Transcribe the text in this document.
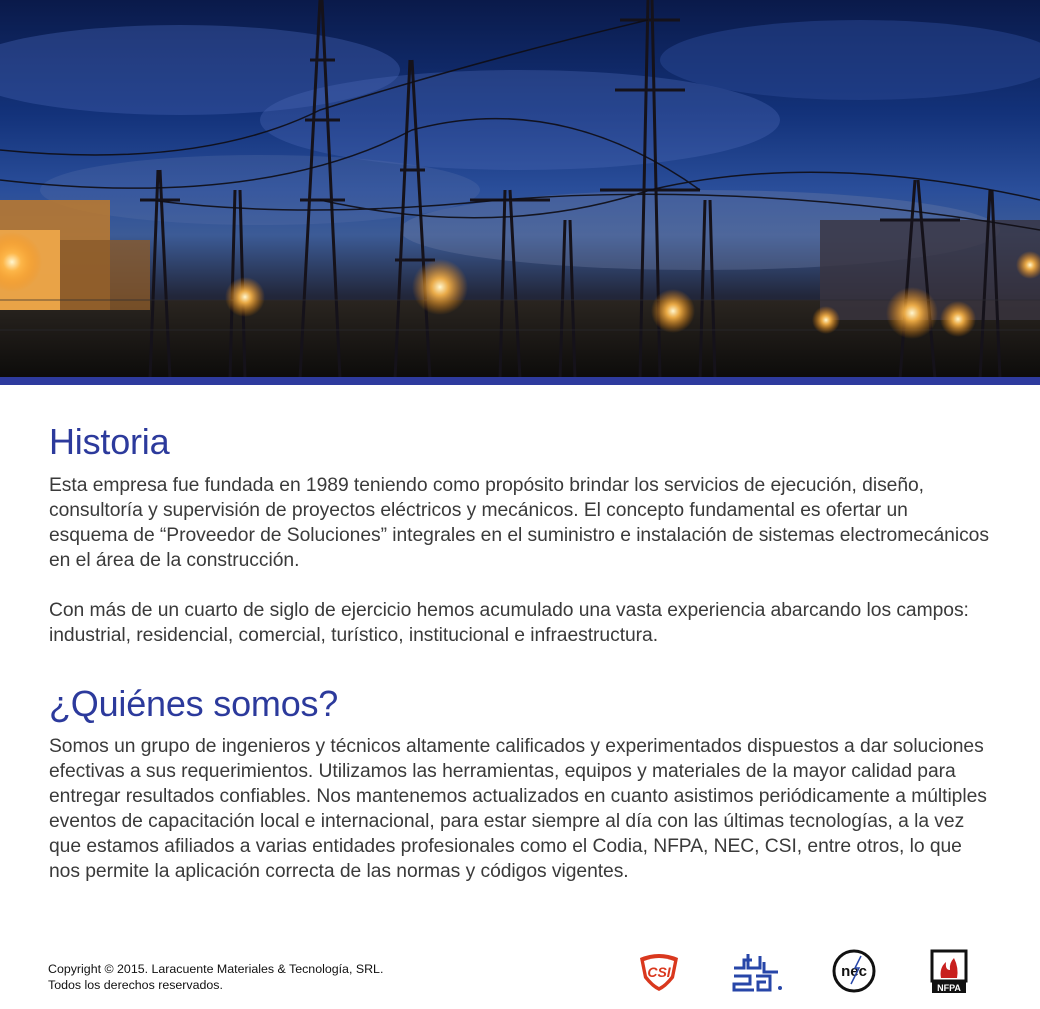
Historia

Esta empresa fue fundada en 1989 teniendo como propósito brindar los servicios de ejecución, diseño, consultoría y supervisión de proyectos eléctricos y mecánicos. El concepto fundamental es ofertar un esquema de “Proveedor de Soluciones” integrales en el suministro e instalación de sistemas electromecánicos en el área de la construcción.

Con más de un cuarto de siglo de ejercicio hemos acumulado una vasta experiencia abarcando los campos: industrial, residencial, comercial, turístico, institucional e infraestructura.

¿Quiénes somos?

Somos un grupo de ingenieros y técnicos altamente calificados y experimentados dispuestos a dar soluciones efectivas a sus requerimientos. Utilizamos las herramientas, equipos y materiales de la mayor calidad para entregar resultados confiables. Nos mantenemos actualizados en cuanto asistimos periódicamente a múltiples eventos de capacitación local e internacional, para estar siempre al día con las últimas tecnologías, a la vez que estamos afiliados a varias entidades profesionales como el Codia, NFPA, NEC, CSI, entre otros, lo que nos permite la aplicación correcta de las normas y códigos vigentes.

Copyright © 2015. Laracuente Materiales & Tecnología, SRL.
Todos los derechos reservados.
CSI	nec
NFPA
